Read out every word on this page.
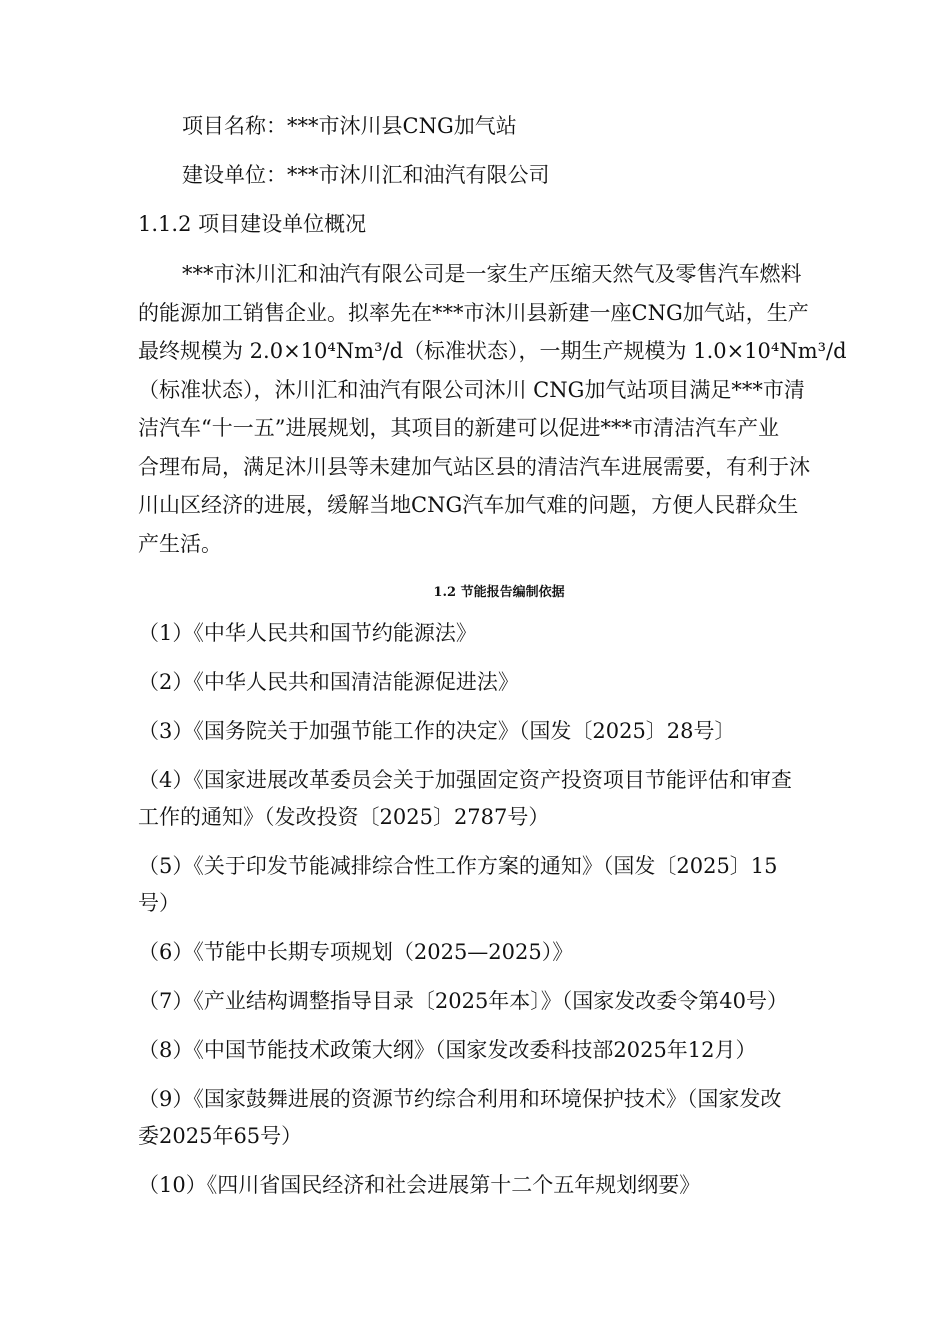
项目名称：***市沐川县CNG加气站

建设单位：***市沐川汇和油汽有限公司

1.1.2 项目建设单位概况

***市沐川汇和油汽有限公司是一家生产压缩天然气及零售汽车燃料
的能源加工销售企业。拟率先在***市沐川县新建一座CNG加气站，生产
最终规模为 2.0×10⁴Nm³/d（标准状态），一期生产规模为 1.0×10⁴Nm³/d
（标准状态），沐川汇和油汽有限公司沐川 CNG加气站项目满足***市清
洁汽车“十一五”进展规划，其项目的新建可以促进***市清洁汽车产业
合理布局，满足沐川县等未建加气站区县的清洁汽车进展需要，有利于沐
川山区经济的进展，缓解当地CNG汽车加气难的问题，方便人民群众生
产生活。
1.2 节能报告编制依据
（1）《中华人民共和国节约能源法》
（2）《中华人民共和国清洁能源促进法》
（3）《国务院关于加强节能工作的决定》（国发〔2025〕28号〕
（4）《国家进展改革委员会关于加强固定资产投资项目节能评估和审查
工作的通知》（发改投资〔2025〕2787号）
（5）《关于印发节能减排综合性工作方案的通知》（国发〔2025〕15
号）
（6）《节能中长期专项规划（2025—2025）》
（7）《产业结构调整指导目录〔2025年本〕》（国家发改委令第40号）
（8）《中国节能技术政策大纲》（国家发改委科技部2025年12月）
（9）《国家鼓舞进展的资源节约综合利用和环境保护技术》（国家发改
委2025年65号）
（10）《四川省国民经济和社会进展第十二个五年规划纲要》
